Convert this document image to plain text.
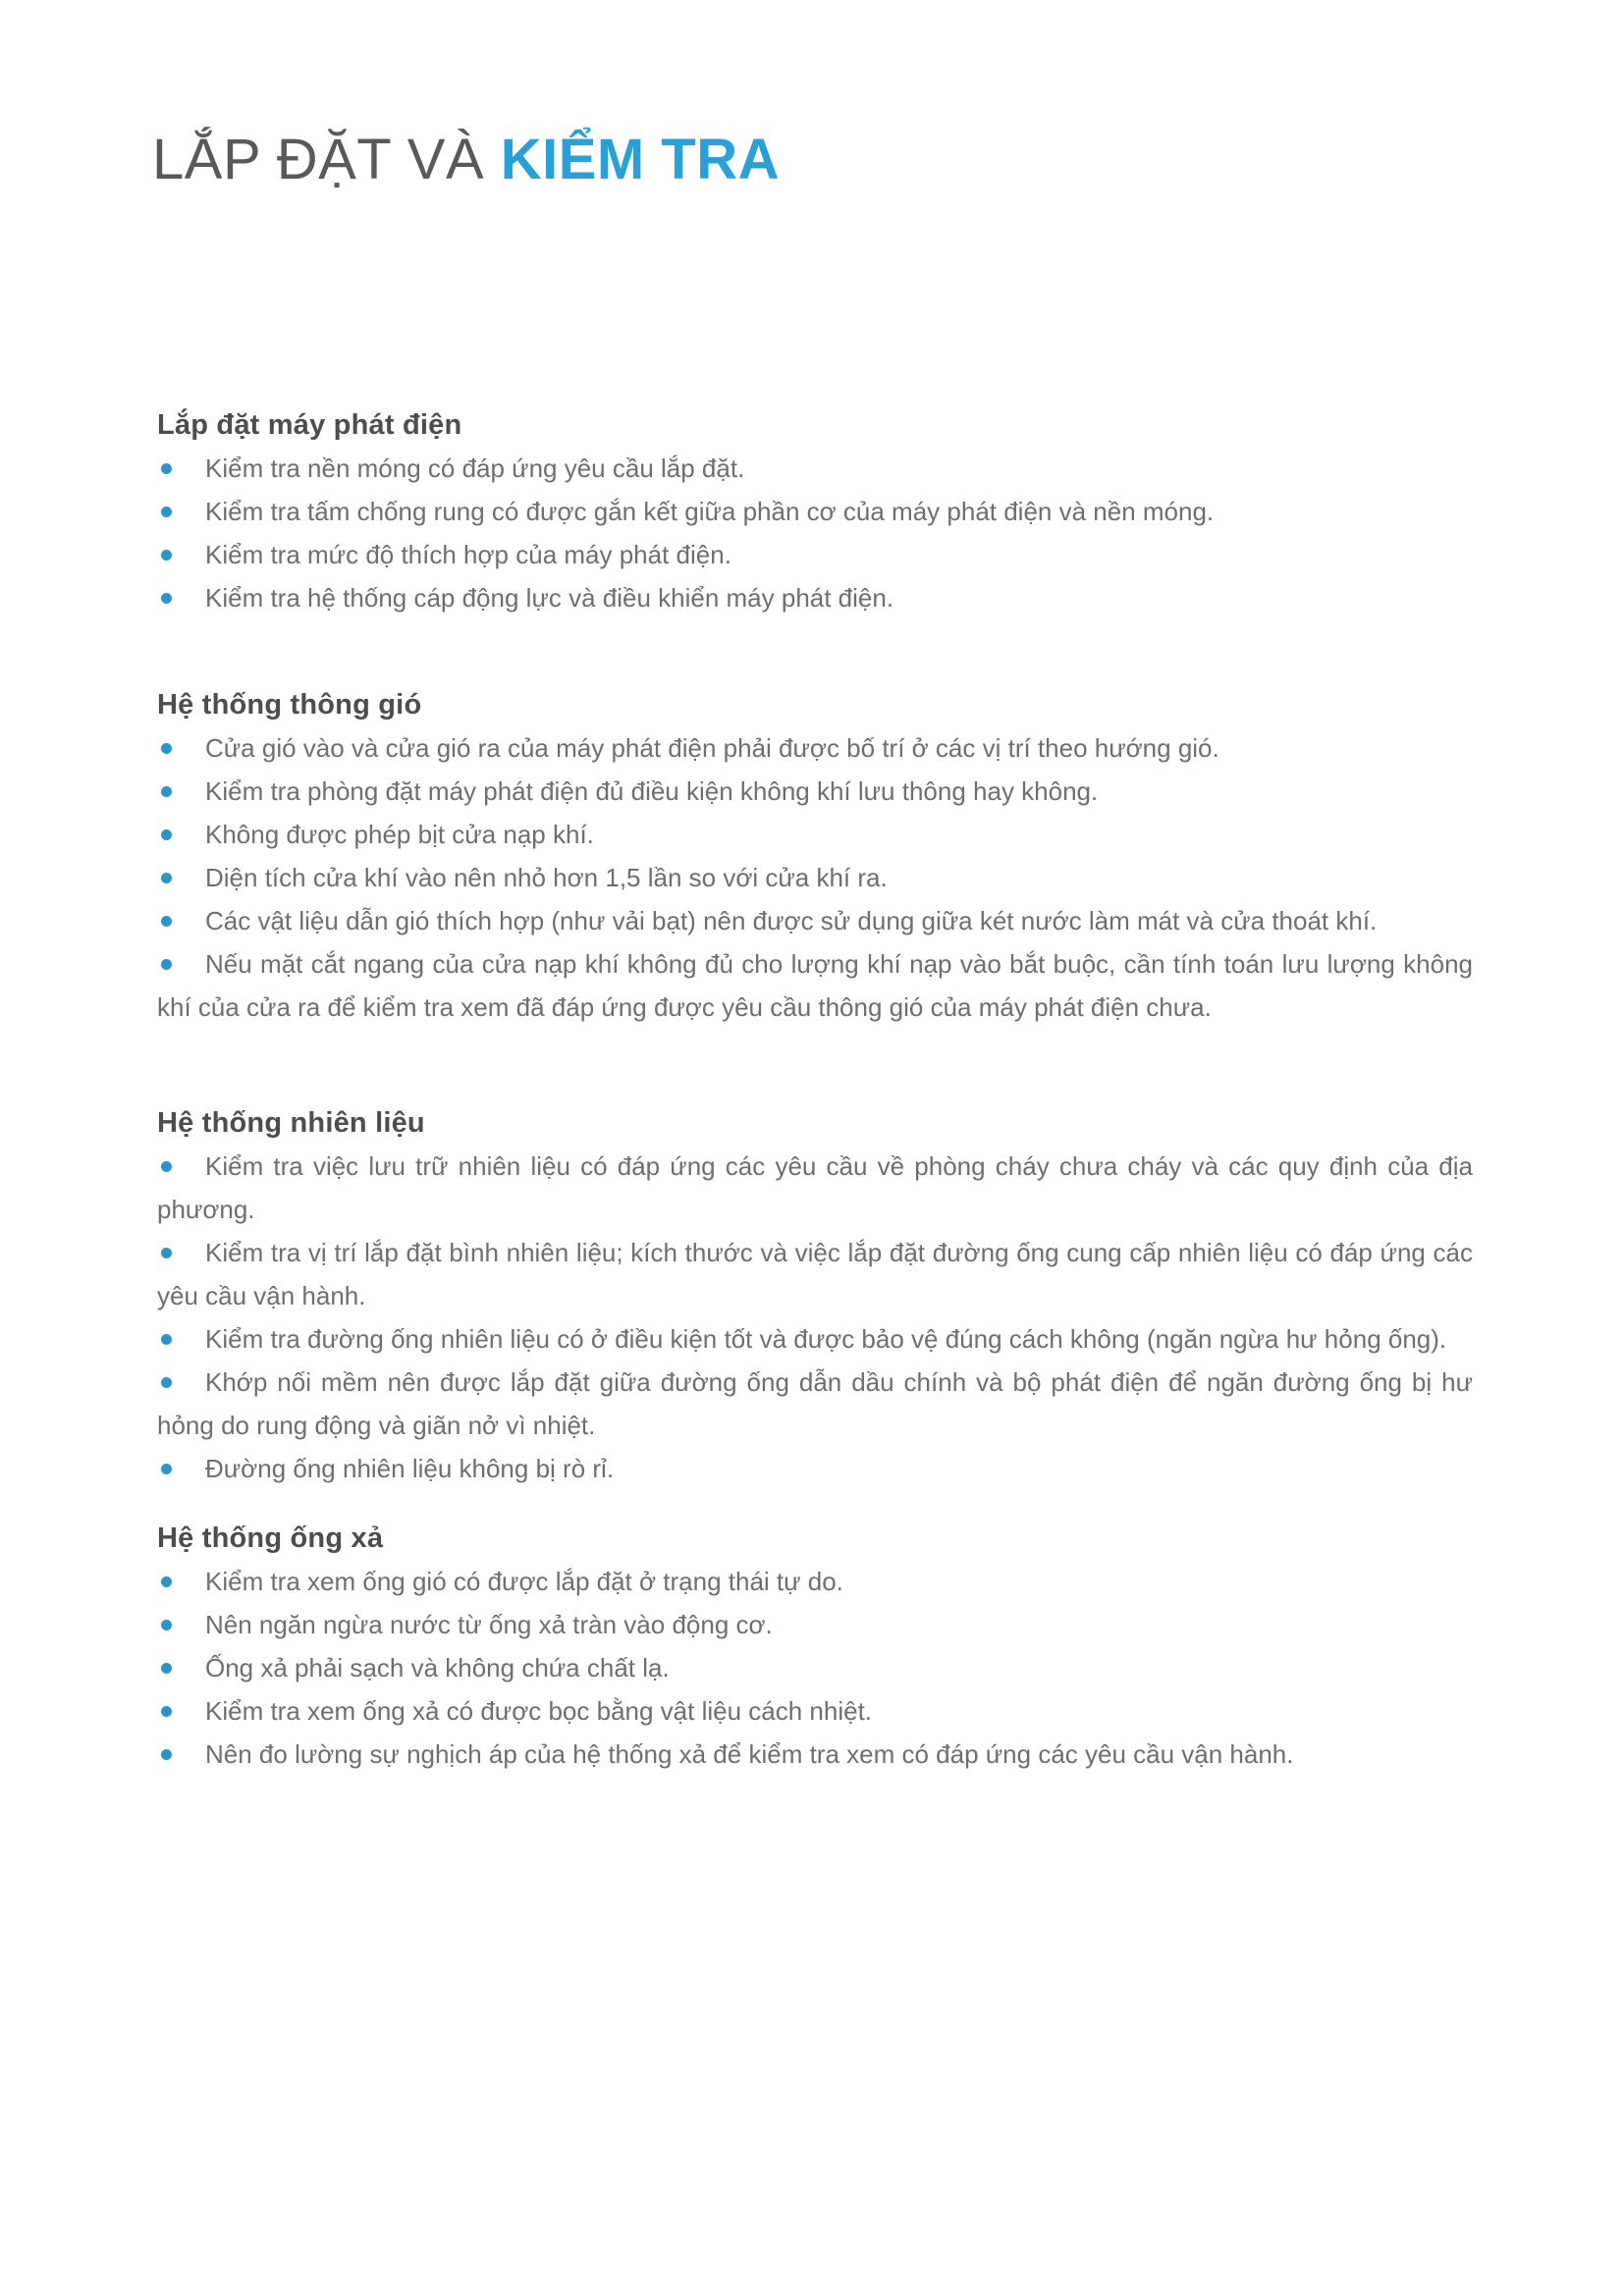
LẮP ĐẶT VÀ KIỂM TRA
Lắp đặt máy phát điện

Kiểm tra nền móng có đáp ứng yêu cầu lắp đặt.

Kiểm tra tấm chống rung có được gắn kết giữa phần cơ của máy phát điện và nền móng.

Kiểm tra mức độ thích hợp của máy phát điện.

Kiểm tra hệ thống cáp động lực và điều khiển máy phát điện.

Hệ thống thông gió

Cửa gió vào và cửa gió ra của máy phát điện phải được bố trí ở các vị trí theo hướng gió.

Kiểm tra phòng đặt máy phát điện đủ điều kiện không khí lưu thông hay không.

Không được phép bịt cửa nạp khí.

Diện tích cửa khí vào nên nhỏ hơn 1,5 lần so với cửa khí ra.

Các vật liệu dẫn gió thích hợp (như vải bạt) nên được sử dụng giữa két nước làm mát và cửa thoát khí.

Nếu mặt cắt ngang của cửa nạp khí không đủ cho lượng khí nạp vào bắt buộc, cần tính toán lưu lượng không khí của cửa ra để kiểm tra xem đã đáp ứng được yêu cầu thông gió của máy phát điện chưa.

Hệ thống nhiên liệu

Kiểm tra việc lưu trữ nhiên liệu có đáp ứng các yêu cầu về phòng cháy chưa cháy và các quy định của địa phương.

Kiểm tra vị trí lắp đặt bình nhiên liệu; kích thước và việc lắp đặt đường ống cung cấp nhiên liệu có đáp ứng các yêu cầu vận hành.

Kiểm tra đường ống nhiên liệu có ở điều kiện tốt và được bảo vệ đúng cách không (ngăn ngừa hư hỏng ống).

Khớp nối mềm nên được lắp đặt giữa đường ống dẫn dầu chính và bộ phát điện để ngăn đường ống bị hư hỏng do rung động và giãn nở vì nhiệt.

Đường ống nhiên liệu không bị rò rỉ.

Hệ thống ống xả

Kiểm tra xem ống gió có được lắp đặt ở trạng thái tự do.

Nên ngăn ngừa nước từ ống xả tràn vào động cơ.

Ống xả phải sạch và không chứa chất lạ.

Kiểm tra xem ống xả có được bọc bằng vật liệu cách nhiệt.

Nên đo lường sự nghịch áp của hệ thống xả để kiểm tra xem có đáp ứng các yêu cầu vận hành.
